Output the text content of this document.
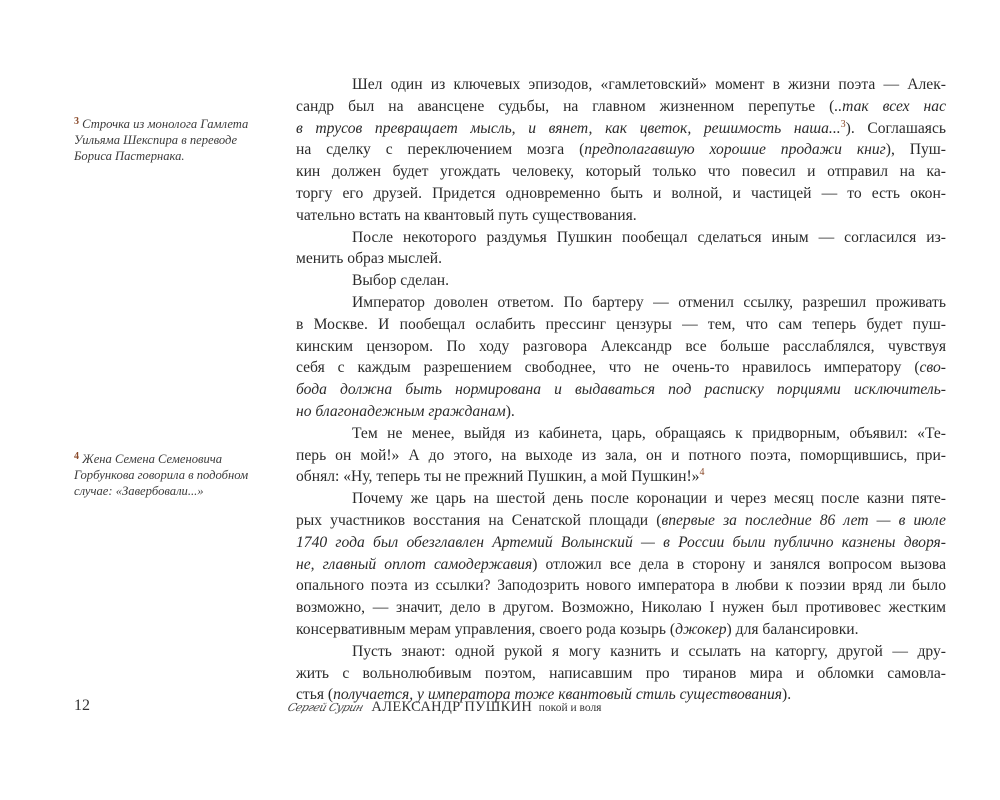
$^3$ Строчка из монолога Гамлета
Уильяма Шекспира в переводе
Бориса Пастернака.
$^4$ Жена Семена Семеновича
Горбункова говорила в подобном
случае: «Завербовали...»

Шел один из ключевых эпизодов, «гамлетовский» момент в жизни поэта — Алек-
сандр был на авансцене судьбы, на главном жизненном перепутье (..так всех нас
в трусов превращает мысль, и вянет, как цветок, решимость наша...$^3$). Соглашаясь
на сделку с переключением мозга (предполагавшую хорошие продажи книг), Пуш-
кин должен будет угождать человеку, который только что повесил и отправил на ка-
торгу его друзей. Придется одновременно быть и волной, и частицей — то есть окон-
чательно встать на квантовый путь существования.

После некоторого раздумья Пушкин пообещал сделаться иным — согласился из-
менить образ мыслей.

Выбор сделан.

Император доволен ответом. По бартеру — отменил ссылку, разрешил проживать
в Москве. И пообещал ослабить прессинг цензуры — тем, что сам теперь будет пуш-
кинским цензором. По ходу разговора Александр все больше расслаблялся, чувствуя
себя с каждым разрешением свободнее, что не очень-то нравилось императору (сво-
бода должна быть нормирована и выдаваться под расписку порциями исключитель-
но благонадежным гражданам).

Тем не менее, выйдя из кабинета, царь, обращаясь к придворным, объявил: «Те-
перь он мой!» А до этого, на выходе из зала, он и потного поэта, поморщившись, при-
обнял: «Ну, теперь ты не прежний Пушкин, а мой Пушкин!»$^4$

Почему же царь на шестой день после коронации и через месяц после казни пяте-
рых участников восстания на Сенатской площади (впервые за последние 86 лет — в июле
1740 года был обезглавлен Артемий Волынский — в России были публично казнены дворя-
не, главный оплот самодержавия) отложил все дела в сторону и занялся вопросом вызова
опального поэта из ссылки? Заподозрить нового императора в любви к поэзии вряд ли было
возможно, — значит, дело в другом. Возможно, Николаю I нужен был противовес жестким
консервативным мерам управления, своего рода козырь (джокер) для балансировки.

Пусть знают: одной рукой я могу казнить и ссылать на каторгу, другой — дру-
жить с вольнолюбивым поэтом, написавшим про тиранов мира и обломки самовла-
стья (получается, у императора тоже квантовый стиль существования).

12	Сергей Сурин АЛЕКСАНДР ПУШКИН покой и воля
